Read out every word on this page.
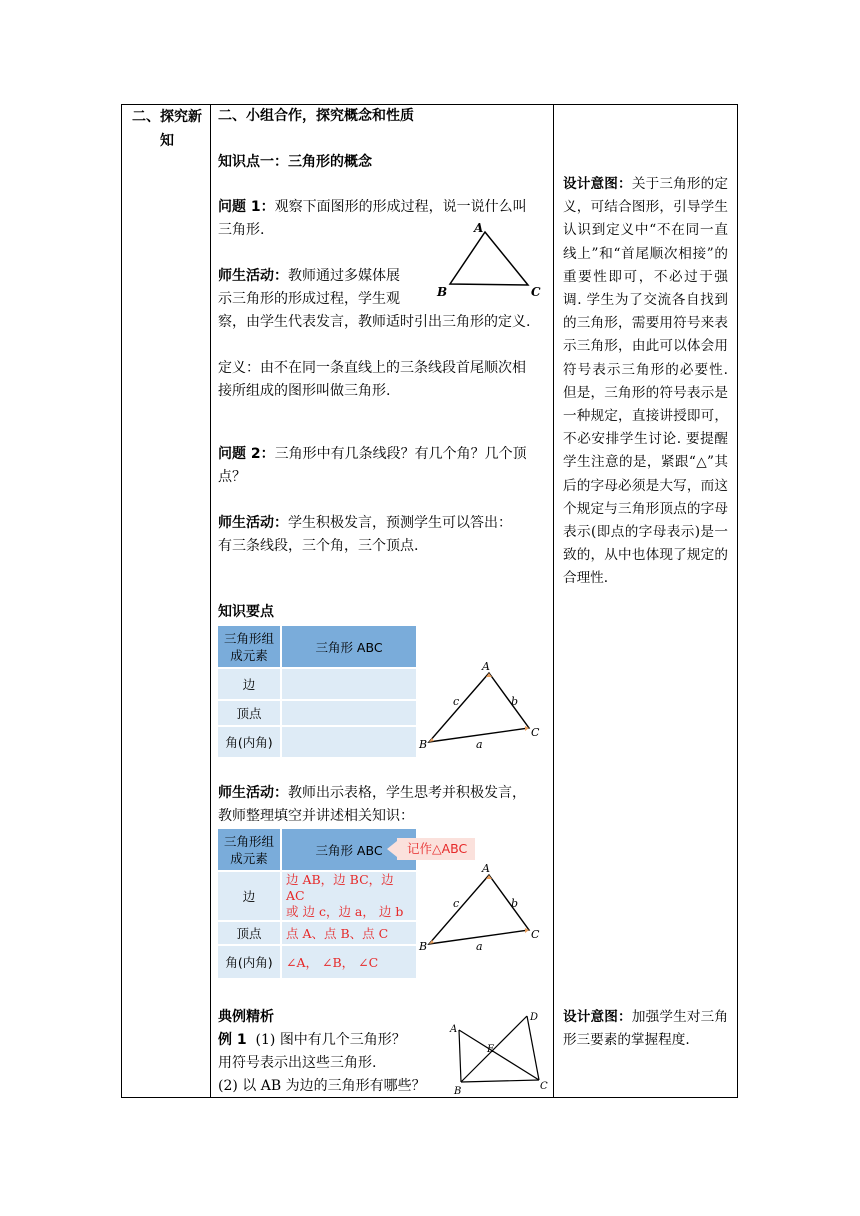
二、探究新
知
二、小组合作，探究概念和性质
知识点一：三角形的概念
问题 1：观察下面图形的形成过程，说一说什么叫
三角形.
师生活动：教师通过多媒体展
示三角形的形成过程，学生观
察，由学生代表发言，教师适时引出三角形的定义.
A
B	C
定义：由不在同一条直线上的三条线段首尾顺次相
接所组成的图形叫做三角形.
问题 2：三角形中有几条线段？有几个角？几个顶
点？
师生活动：学生积极发言，预测学生可以答出：
有三条线段，三个角，三个顶点.
知识要点
三角形组
成元素	三角形 ABC
边	
顶点	
角(内角)	
A
B
C
c	b
a
师生活动：教师出示表格，学生思考并积极发言，
教师整理填空并讲述相关知识：
三角形组
成元素	三角形 ABC
边	边 AB，边 BC，边 AC
或 边 c，边 a， 边 b

顶点	点 A、点 B、点 C
角(内角)	∠A， ∠B， ∠C
记作△ABC
A
B
C
c	b
a
典例精析
例 1 (1) 图中有几个三角形？
用符号表示出这些三角形.
(2) 以 AB 为边的三角形有哪些？
A
B	C
D
E
设计意图：关于三角形的定义，可结合图形，引导学生认识到定义中“不在同一直线上”和“首尾顺次相接”的重要性即可，不必过于强调. 学生为了交流各自找到的三角形，需要用符号来表示三角形，由此可以体会用符号表示三角形的必要性. 但是，三角形的符号表示是一种规定，直接讲授即可，不必安排学生讨论. 要提醒学生注意的是，紧跟“△”其后的字母必须是大写，而这个规定与三角形顶点的字母表示(即点的字母表示)是一致的，从中也体现了规定的合理性.
设计意图：加强学生对三角形三要素的掌握程度.
